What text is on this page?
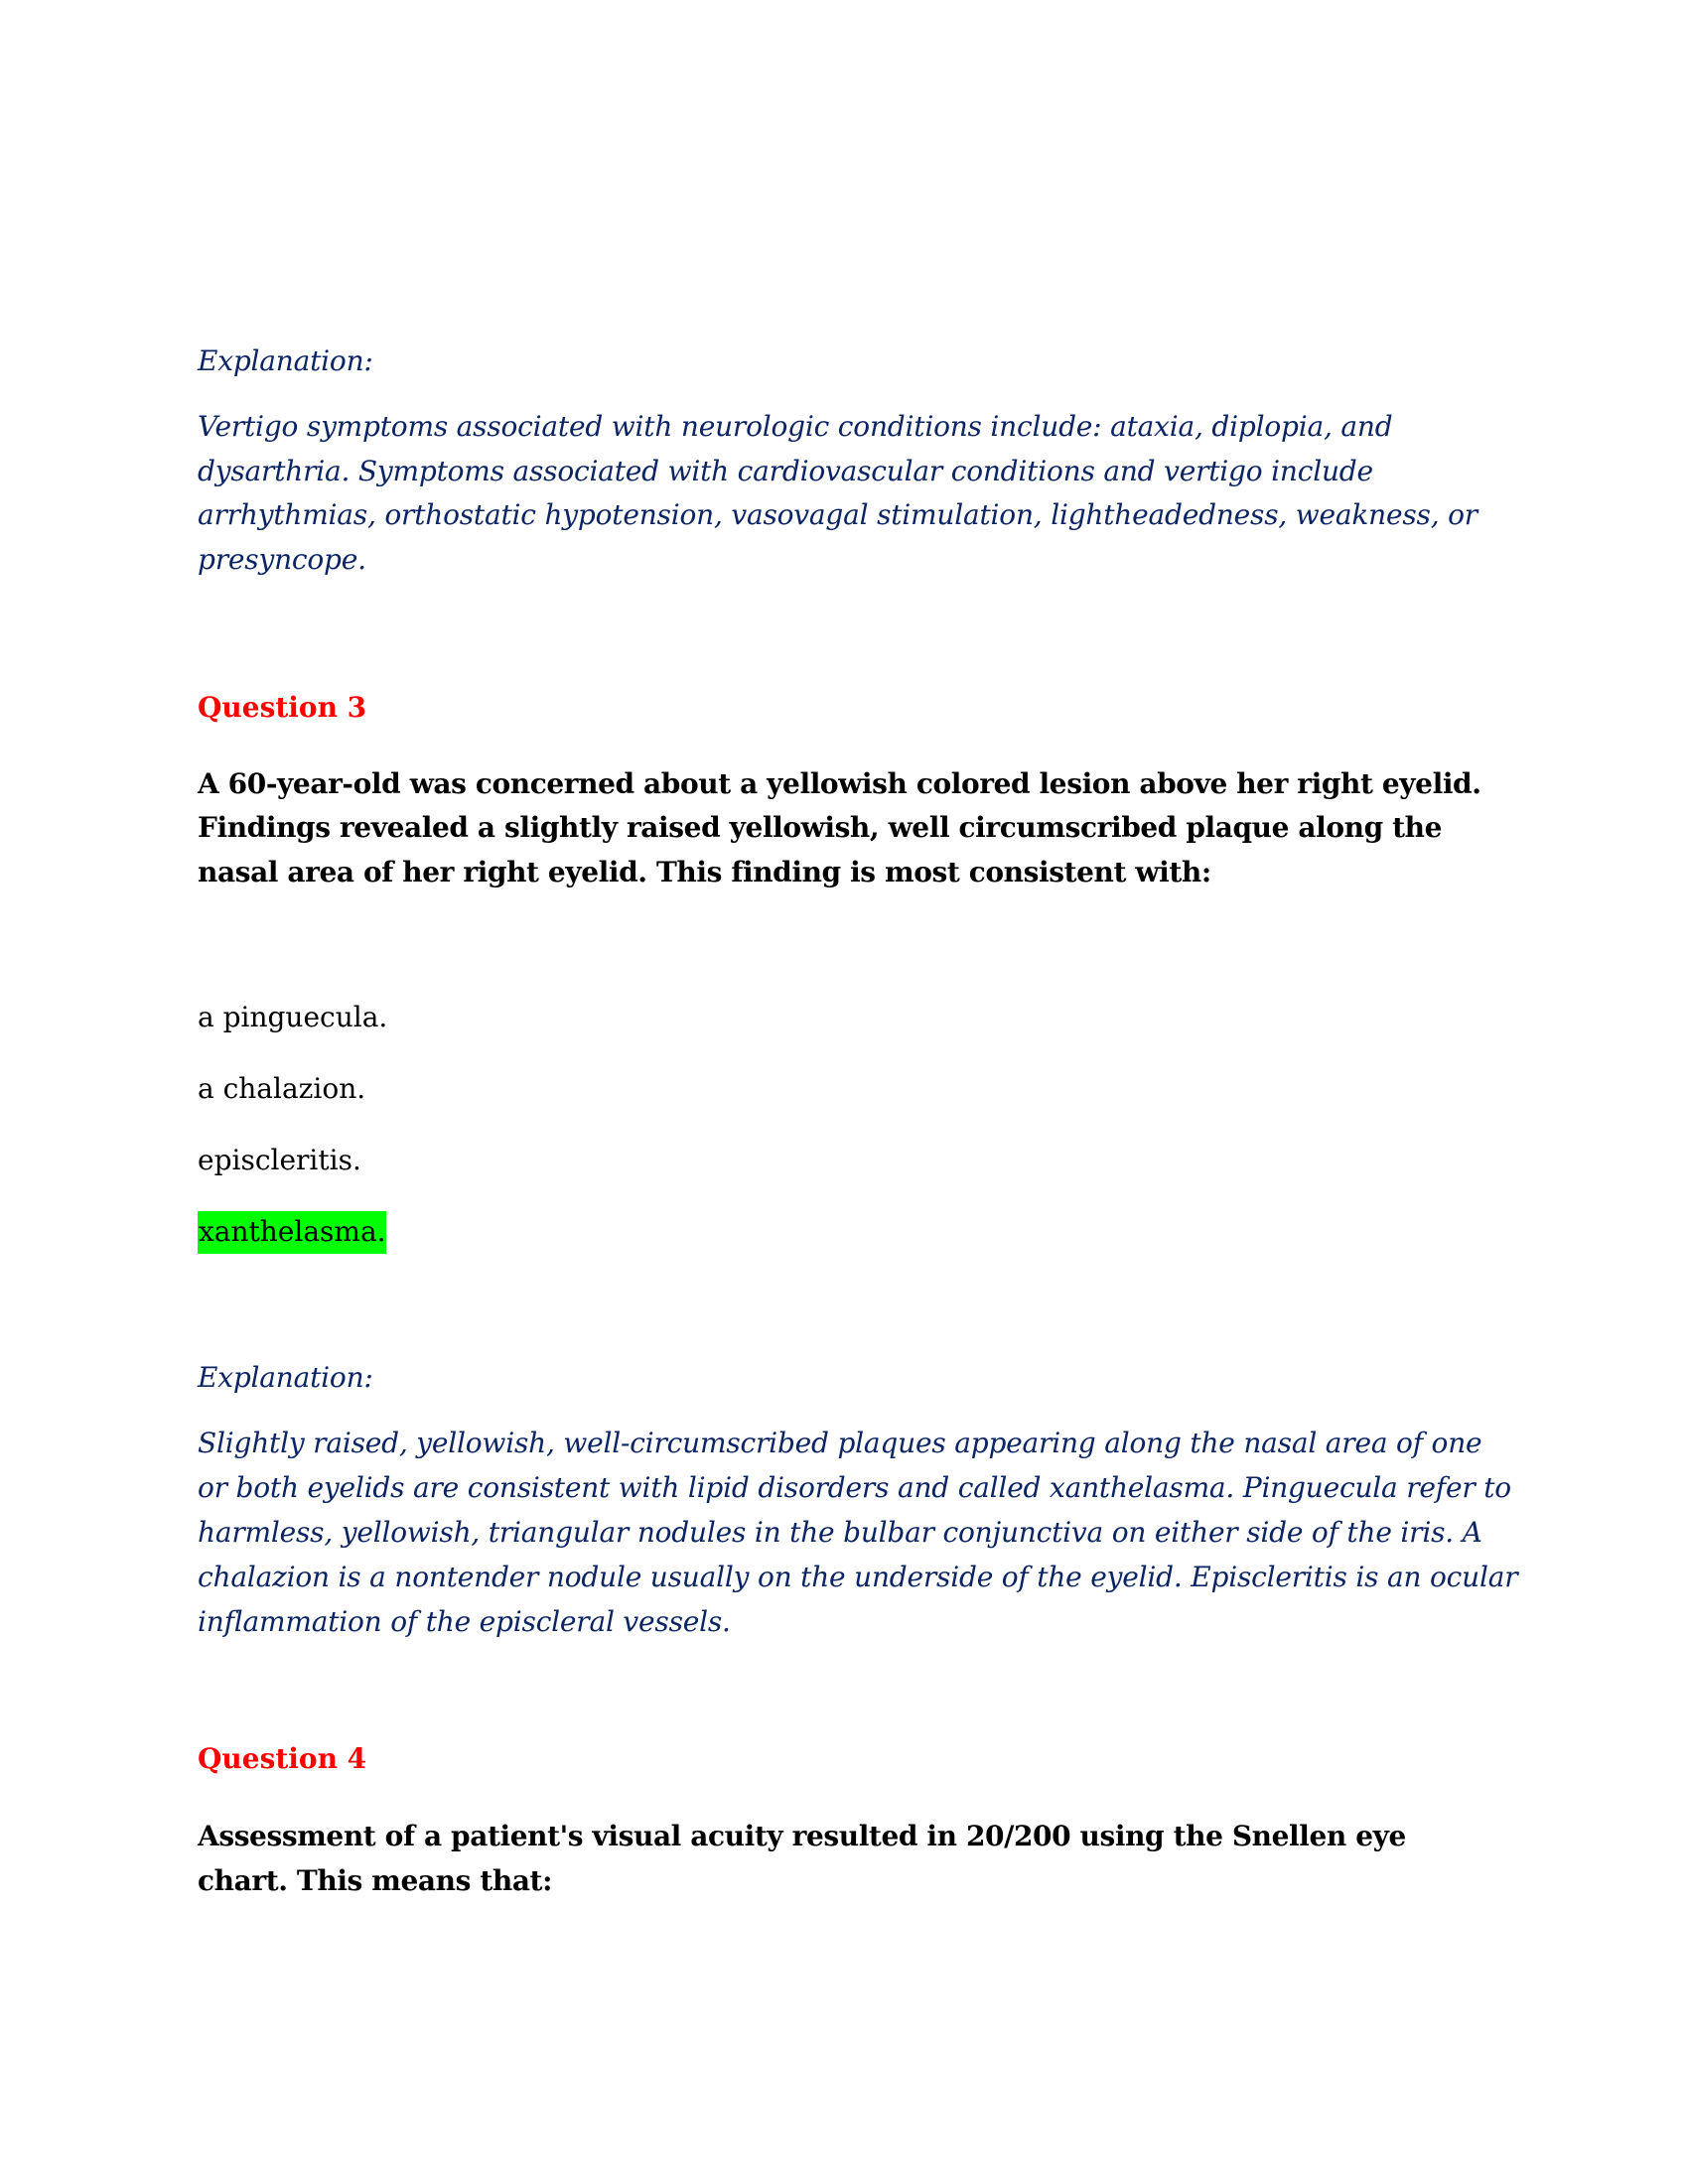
Explanation:
Vertigo symptoms associated with neurologic conditions include: ataxia, diplopia, and
dysarthria. Symptoms associated with cardiovascular conditions and vertigo include
arrhythmias, orthostatic hypotension, vasovagal stimulation, lightheadedness, weakness, or
presyncope.
Question 3
A 60-year-old was concerned about a yellowish colored lesion above her right eyelid.
Findings revealed a slightly raised yellowish, well circumscribed plaque along the
nasal area of her right eyelid. This finding is most consistent with:
a pinguecula.
a chalazion.
episcleritis.
xanthelasma.
Explanation:
Slightly raised, yellowish, well-circumscribed plaques appearing along the nasal area of one
or both eyelids are consistent with lipid disorders and called xanthelasma. Pinguecula refer to
harmless, yellowish, triangular nodules in the bulbar conjunctiva on either side of the iris. A
chalazion is a nontender nodule usually on the underside of the eyelid. Episcleritis is an ocular
inflammation of the episcleral vessels.
Question 4
Assessment of a patient's visual acuity resulted in 20/200 using the Snellen eye
chart. This means that:
